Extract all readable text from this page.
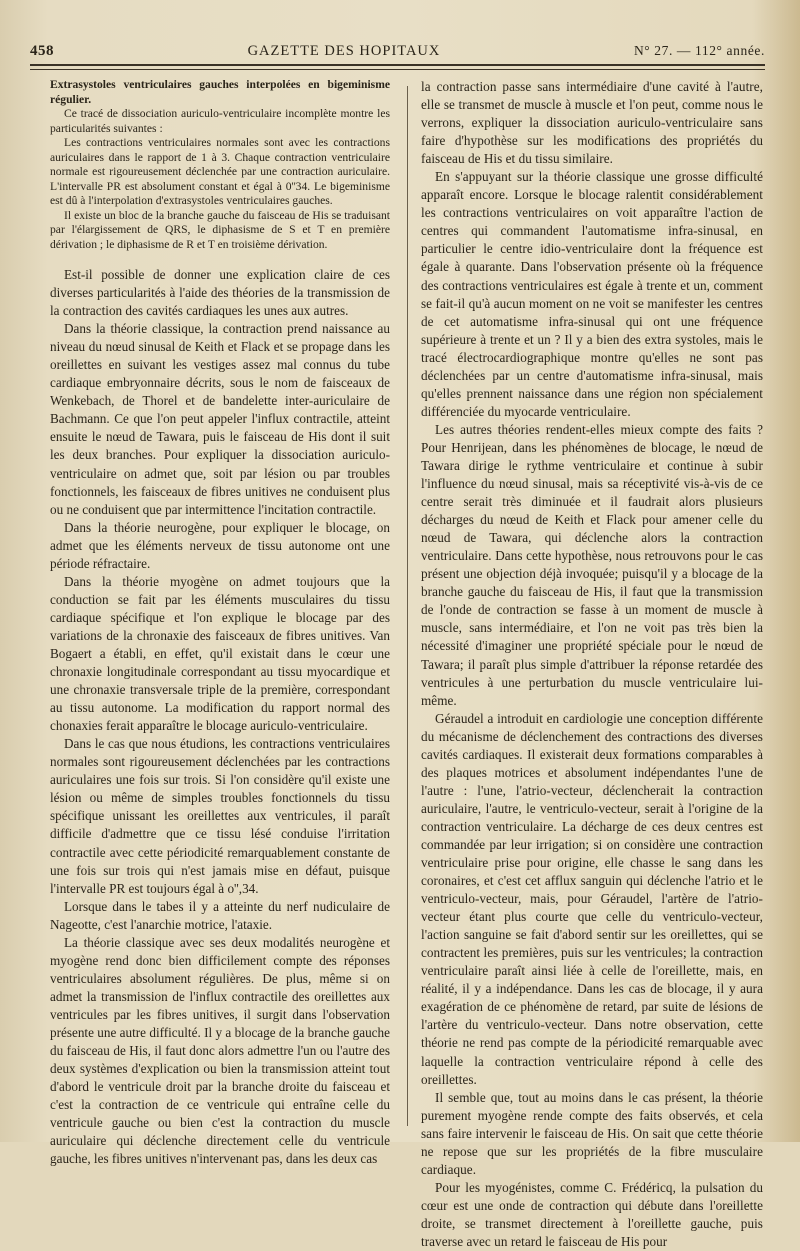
458	GAZETTE DES HOPITAUX	N° 27. — 112° année.

Extrasystoles ventriculaires gauches interpolées en bigeminisme régulier.

Ce tracé de dissociation auriculo-ventriculaire incomplète montre les particularités suivantes :

Les contractions ventriculaires normales sont avec les contractions auriculaires dans le rapport de 1 à 3. Chaque contraction ventriculaire normale est rigoureusement déclenchée par une contraction auriculaire. L'intervalle PR est absolument constant et égal à 0''34. Le bigeminisme est dû à l'interpolation d'extrasystoles ventriculaires gauches.

Il existe un bloc de la branche gauche du faisceau de His se traduisant par l'élargissement de QRS, le diphasisme de S et T en première dérivation ; le diphasisme de R et T en troisième dérivation.

Est-il possible de donner une explication claire de ces diverses particularités à l'aide des théories de la transmission de la contraction des cavités cardiaques les unes aux autres.

Dans la théorie classique, la contraction prend naissance au niveau du nœud sinusal de Keith et Flack et se propage dans les oreillettes en suivant les vestiges assez mal connus du tube cardiaque embryonnaire décrits, sous le nom de faisceaux de Wenkebach, de Thorel et de bandelette inter-auriculaire de Bachmann. Ce que l'on peut appeler l'influx contractile, atteint ensuite le nœud de Tawara, puis le faisceau de His dont il suit les deux branches. Pour expliquer la dissociation auriculo-ventriculaire on admet que, soit par lésion ou par troubles fonctionnels, les faisceaux de fibres unitives ne conduisent plus ou ne conduisent que par intermittence l'incitation contractile.

Dans la théorie neurogène, pour expliquer le blocage, on admet que les éléments nerveux de tissu autonome ont une période réfractaire.

Dans la théorie myogène on admet toujours que la conduction se fait par les éléments musculaires du tissu cardiaque spécifique et l'on explique le blocage par des variations de la chronaxie des faisceaux de fibres unitives. Van Bogaert a établi, en effet, qu'il existait dans le cœur une chronaxie longitudinale correspondant au tissu myocardique et une chronaxie transversale triple de la première, correspondant au tissu autonome. La modification du rapport normal des chonaxies ferait apparaître le blocage auriculo-ventriculaire.

Dans le cas que nous étudions, les contractions ventriculaires normales sont rigoureusement déclenchées par les contractions auriculaires une fois sur trois. Si l'on considère qu'il existe une lésion ou même de simples troubles fonctionnels du tissu spécifique unissant les oreillettes aux ventricules, il paraît difficile d'admettre que ce tissu lésé conduise l'irritation contractile avec cette périodicité remarquablement constante de une fois sur trois qui n'est jamais mise en défaut, puisque l'intervalle PR est toujours égal à o'',34.

Lorsque dans le tabes il y a atteinte du nerf nudiculaire de Nageotte, c'est l'anarchie motrice, l'ataxie.

La théorie classique avec ses deux modalités neurogène et myogène rend donc bien difficilement compte des réponses ventriculaires absolument régulières. De plus, même si on admet la transmission de l'influx contractile des oreillettes aux ventricules par les fibres unitives, il surgit dans l'observation présente une autre difficulté. Il y a blocage de la branche gauche du faisceau de His, il faut donc alors admettre l'un ou l'autre des deux systèmes d'explication ou bien la transmission atteint tout d'abord le ventricule droit par la branche droite du faisceau et c'est la contraction de ce ventricule qui entraîne celle du ventricule gauche ou bien c'est la contraction du muscle auriculaire qui déclenche directement celle du ventricule gauche, les fibres unitives n'intervenant pas, dans les deux cas

la contraction passe sans intermédiaire d'une cavité à l'autre, elle se transmet de muscle à muscle et l'on peut, comme nous le verrons, expliquer la dissociation auriculo-ventriculaire sans faire d'hypothèse sur les modifications des propriétés du faisceau de His et du tissu similaire.

En s'appuyant sur la théorie classique une grosse difficulté apparaît encore. Lorsque le blocage ralentit considérablement les contractions ventriculaires on voit apparaître l'action de centres qui commandent l'automatisme infra-sinusal, en particulier le centre idio-ventriculaire dont la fréquence est égale à quarante. Dans l'observation présente où la fréquence des contractions ventriculaires est égale à trente et un, comment se fait-il qu'à aucun moment on ne voit se manifester les centres de cet automatisme infra-sinusal qui ont une fréquence supérieure à trente et un ? Il y a bien des extra systoles, mais le tracé électrocardiographique montre qu'elles ne sont pas déclenchées par un centre d'automatisme infra-sinusal, mais qu'elles prennent naissance dans une région non spécialement différenciée du myocarde ventriculaire.

Les autres théories rendent-elles mieux compte des faits ? Pour Henrijean, dans les phénomènes de blocage, le nœud de Tawara dirige le rythme ventriculaire et continue à subir l'influence du nœud sinusal, mais sa réceptivité vis-à-vis de ce centre serait très diminuée et il faudrait alors plusieurs décharges du nœud de Keith et Flack pour amener celle du nœud de Tawara, qui déclenche alors la contraction ventriculaire. Dans cette hypothèse, nous retrouvons pour le cas présent une objection déjà invoquée; puisqu'il y a blocage de la branche gauche du faisceau de His, il faut que la transmission de l'onde de contraction se fasse à un moment de muscle à muscle, sans intermédiaire, et l'on ne voit pas très bien la nécessité d'imaginer une propriété spéciale pour le nœud de Tawara; il paraît plus simple d'attribuer la réponse retardée des ventricules à une perturbation du muscle ventriculaire lui-même.

Géraudel a introduit en cardiologie une conception différente du mécanisme de déclenchement des contractions des diverses cavités cardiaques. Il existerait deux formations comparables à des plaques motrices et absolument indépendantes l'une de l'autre : l'une, l'atrio-vecteur, déclencherait la contraction auriculaire, l'autre, le ventriculo-vecteur, serait à l'origine de la contraction ventriculaire. La décharge de ces deux centres est commandée par leur irrigation; si on considère une contraction ventriculaire prise pour origine, elle chasse le sang dans les coronaires, et c'est cet afflux sanguin qui déclenche l'atrio et le ventriculo-vecteur, mais, pour Géraudel, l'artère de l'atrio-vecteur étant plus courte que celle du ventriculo-vecteur, l'action sanguine se fait d'abord sentir sur les oreillettes, qui se contractent les premières, puis sur les ventricules; la contraction ventriculaire paraît ainsi liée à celle de l'oreillette, mais, en réalité, il y a indépendance. Dans les cas de blocage, il y aura exagération de ce phénomène de retard, par suite de lésions de l'artère du ventriculo-vecteur. Dans notre observation, cette théorie ne rend pas compte de la périodicité remarquable avec laquelle la contraction ventriculaire répond à celle des oreillettes.

Il semble que, tout au moins dans le cas présent, la théorie purement myogène rende compte des faits observés, et cela sans faire intervenir le faisceau de His. On sait que cette théorie ne repose que sur les propriétés de la fibre musculaire cardiaque.

Pour les myogénistes, comme C. Frédéricq, la pulsation du cœur est une onde de contraction qui débute dans l'oreillette droite, se transmet directement à l'oreillette gauche, puis traverse avec un retard le faisceau de His pour
